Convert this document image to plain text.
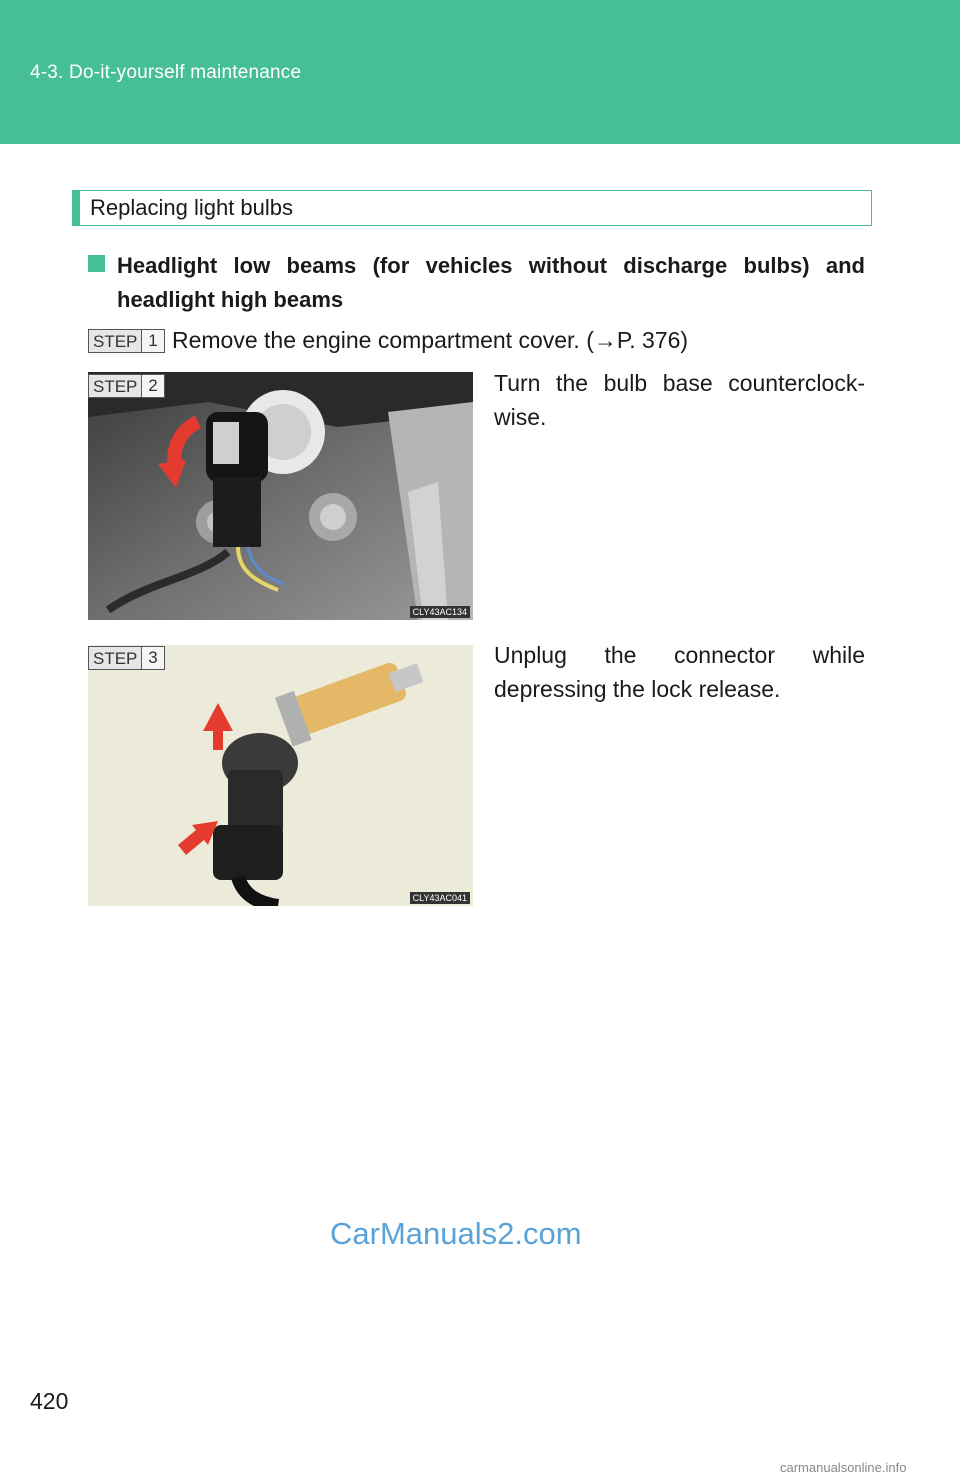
4-3. Do-it-yourself maintenance
Replacing light bulbs
Headlight low beams (for vehicles without discharge bulbs) and headlight high beams
STEP 1 Remove the engine compartment cover. (→P. 376)
CLY43AC134
STEP 2	Turn the bulb base counterclock-wise.
CLY43AC041
STEP 3	Unplug the connector while depressing the lock release.
CarManuals2.com
420
carmanualsonline.info
